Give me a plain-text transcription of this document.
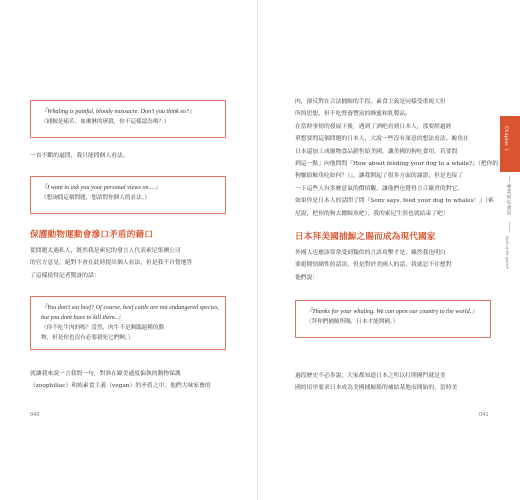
『Whaling is painful, bloody massacre. Don't you think so?』
（捕鯨是痛苦、血淋淋的屠殺，你不這樣認為嗎？）
一直不斷的逼問，我只能問個人看法。
『I want to ask you your personal views on....』
（想詢問這個問題，想請問你個人的看法。）
保護動物運動會滲口矛盾的藉口
從問題太過私人，既然我是索尼的發言人代表索尼集團公司
的官方意見，絕對不會在此時提出個人看法，但是我不自覺地答
了這樣使得記者驚訝的話：
『You don't eat beef? Of course, beef cattle are not endangered species,
but you dont have to kill them..』
（你不吃牛肉的嗎？當然，肉牛不是瀕臨絕種的動
物，但是你也沒有必要殺死它們啊。）
就讓我來說一言我問一句，對准在歐美過度偏執的動物保護
（zoophiliac）和純素食主義（vegan）的矛盾之中，他們大味家畜的
040
肉，卻反對在合法捕鯨的手段。素食主義是同樣受重視大但
所的思想，但不吃營養豐富的蜂蜜和乳製品。
在當時事情的發展下後，遇到了酒吧看到日本人，那要經過經
單想要問這個問題的日本人，大說一些沒有深意的想法看法。鯨魚在
日本還加工成寵物食品銷售給美國，讓美國的狗吃食用。若要問
到這一點」向他問問『How about feeding your dog to a whale?』（把你的
狗嫌給鯨魚吃如何？）』，讓我開起了很多方面的論證，但是也接了
一下這些人有多麼意氣的價值觀，讓他們也覺得言合嚴責的對它。
如果你是日本人的話問了問『Sony says, feed your dog to whales！』（索
尼說，把你的狗去餵鯨魚吧），我的索尼生涯也就結束了吧！
日本拜美國捕鯨之賜而成為現代國家
外國人也應該常常受到類似的言語攻擊才是，雖然我也明白
要避開情緒性的話語，但是對於美國人的話，我就忍不住想對
他們說：
『Thanks for your whaling. We can open our country to the world.』
（拜你們捕鯨所賜，日本才能開國。）
過段歷史不必多說，大家都知道日本之所以打開國門就是美
國的培里要求日本成為美國捕鯨船的補給基地而開始的，當時美
041
Chapter 1
專業的定義這
Style of the speech
